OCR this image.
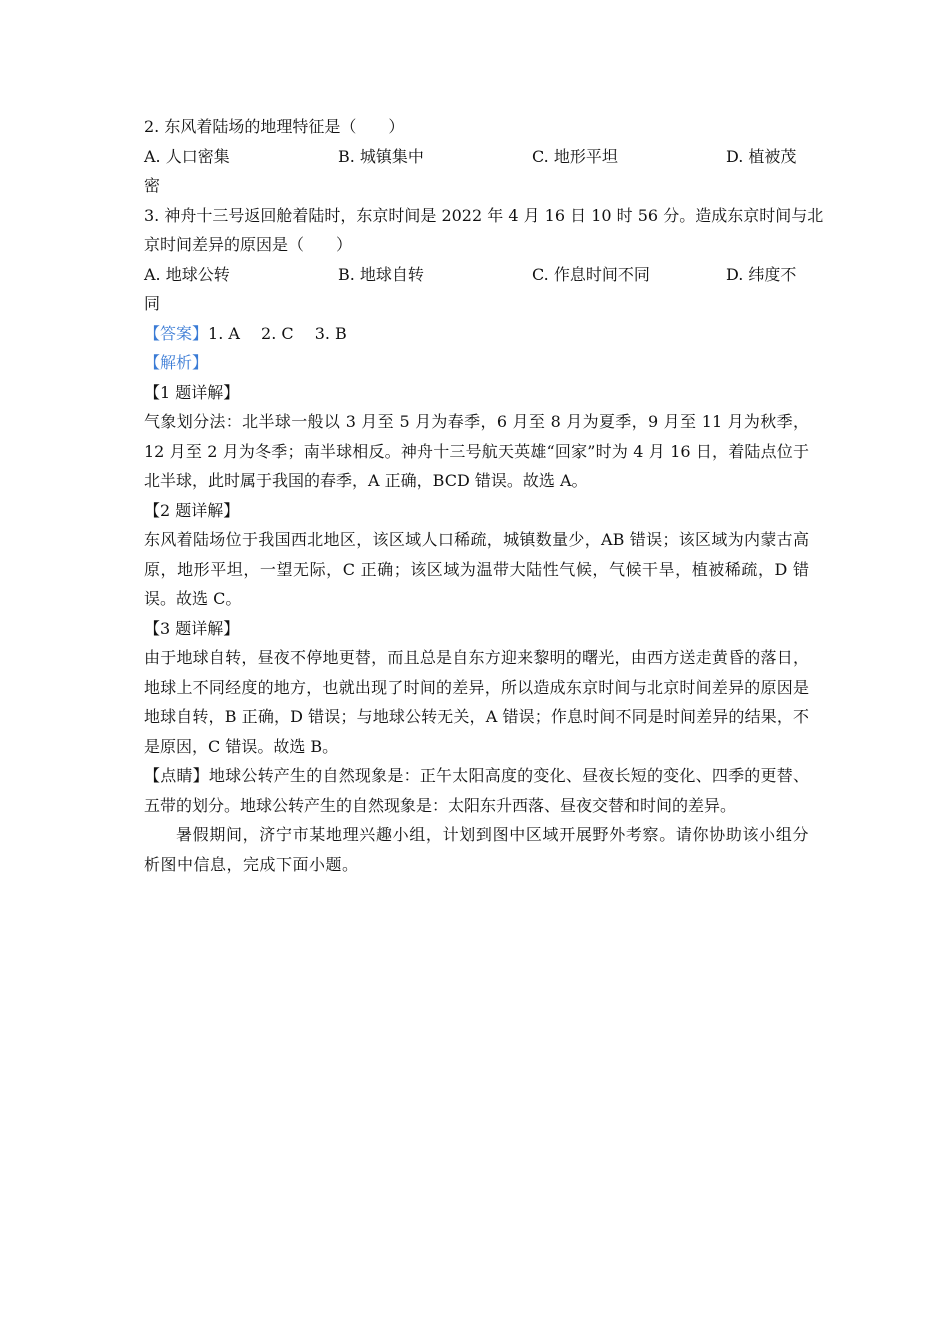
2. 东风着陆场的地理特征是（　　）
A. 人口密集	B. 城镇集中	C. 地形平坦	D. 植被茂
密
3. 神舟十三号返回舱着陆时，东京时间是 2022 年 4 月 16 日 10 时 56 分。造成东京时间与北
京时间差异的原因是（　　）
A. 地球公转	B. 地球自转	C. 作息时间不同	D. 纬度不
同
【答案】1. A　 2. C　 3. B
【解析】
【1 题详解】
气象划分法：北半球一般以 3 月至 5 月为春季，6 月至 8 月为夏季，9 月至 11 月为秋季，12 月至 2 月为冬季；南半球相反。神舟十三号航天英雄“回家”时为 4 月 16 日，着陆点位于北半球，此时属于我国的春季，A 正确，BCD 错误。故选 A。
【2 题详解】
东风着陆场位于我国西北地区，该区域人口稀疏，城镇数量少，AB 错误；该区域为内蒙古高原，地形平坦，一望无际，C 正确；该区域为温带大陆性气候，气候干旱，植被稀疏，D 错误。故选 C。
【3 题详解】
由于地球自转，昼夜不停地更替，而且总是自东方迎来黎明的曙光，由西方送走黄昏的落日，地球上不同经度的地方，也就出现了时间的差异，所以造成东京时间与北京时间差异的原因是地球自转，B 正确，D 错误；与地球公转无关，A 错误；作息时间不同是时间差异的结果，不是原因，C 错误。故选 B。
【点睛】地球公转产生的自然现象是：正午太阳高度的变化、昼夜长短的变化、四季的更替、五带的划分。地球公转产生的自然现象是：太阳东升西落、昼夜交替和时间的差异。
暑假期间，济宁市某地理兴趣小组，计划到图中区域开展野外考察。请你协助该小组分析图中信息，完成下面小题。
